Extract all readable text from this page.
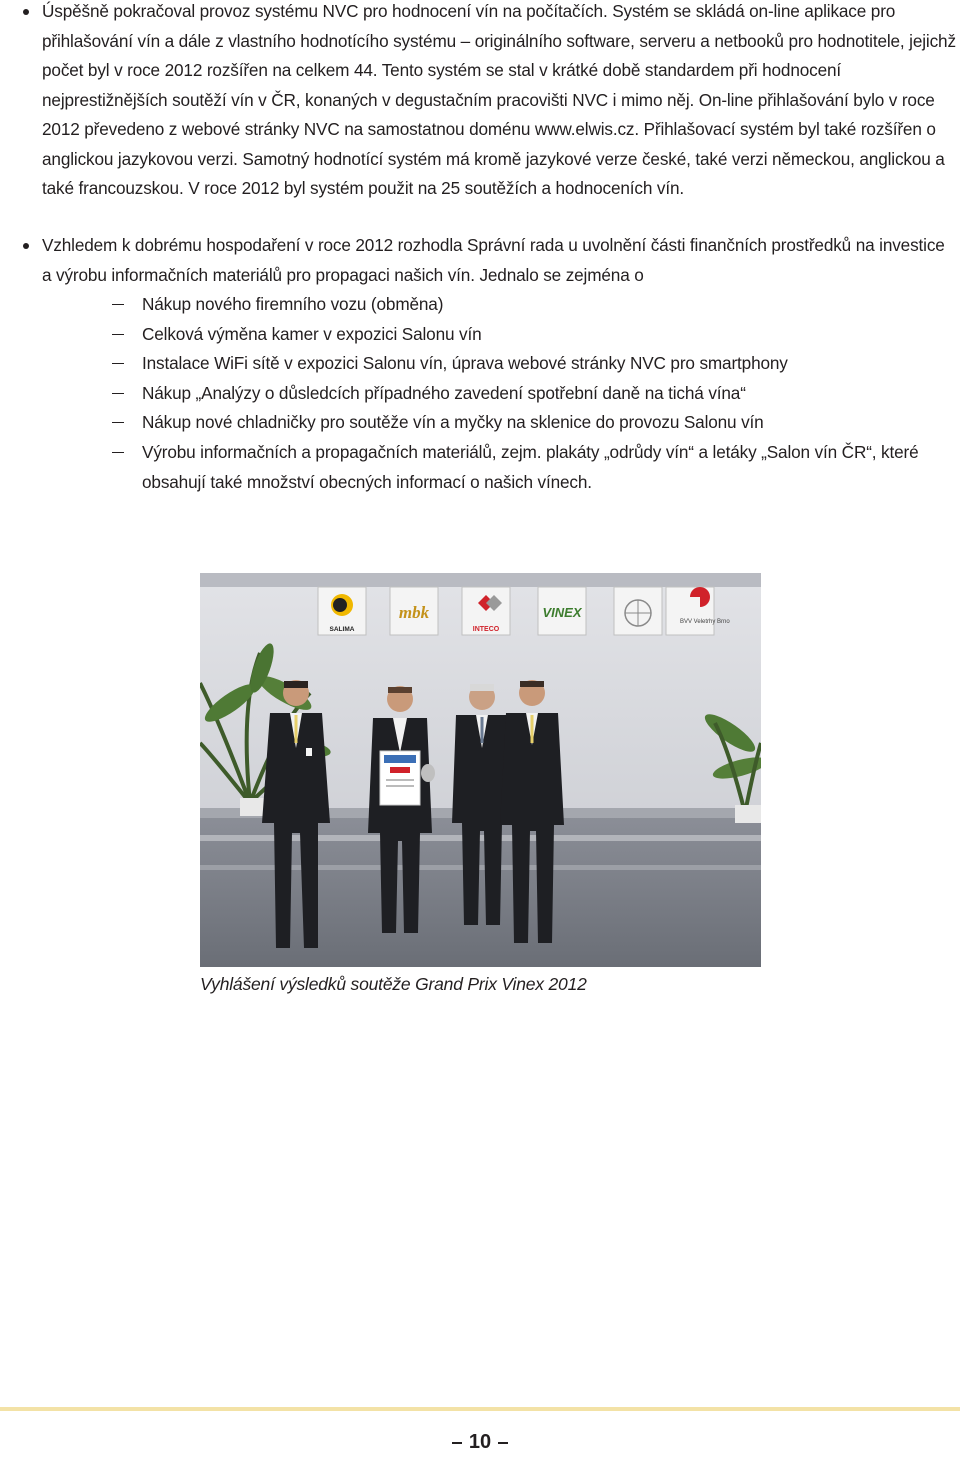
Úspěšně pokračoval provoz systému NVC pro hodnocení vín na počítačích. Systém se skládá on-line aplikace pro přihlašování vín a dále z vlastního hodnotícího systému – originálního software, serveru a netbooků pro hodnotitele, jejichž počet byl v roce 2012 rozšířen na celkem 44. Tento systém se stal v krátké době standardem při hodnocení nejprestižnějších soutěží vín v ČR, konaných v degustačním pracovišti NVC i mimo něj. On-line přihlašování bylo v roce 2012 převedeno z webové stránky NVC na samostatnou doménu www.elwis.cz. Přihlašovací systém byl také rozšířen o anglickou jazykovou verzi. Samotný hodnotící systém má kromě jazykové verze české, také verzi německou, anglickou a také francouzskou. V roce 2012 byl systém použit na 25 soutěžích a hodnoceních vín.
Vzhledem k dobrému hospodaření v roce 2012 rozhodla Správní rada u uvolnění části finančních prostředků na investice a výrobu informačních materiálů pro propagaci našich vín. Jednalo se zejména o
Nákup nového firemního vozu (obměna)
Celková výměna kamer v expozici Salonu vín
Instalace WiFi sítě v expozici Salonu vín, úprava webové stránky NVC pro smartphony
Nákup „Analýzy o důsledcích případného zavedení spotřební daně na tichá vína“
Nákup nové chladničky pro soutěže vín a myčky na sklenice do provozu Salonu vín
Výrobu informačních a propagačních materiálů, zejm. plakáty „odrůdy vín“ a letáky „Salon vín ČR“, které obsahují také množství obecných informací o našich vínech.
SALIMA
mbk
INTECO
VINEX
BVV Veletrhy Brno
Vyhlášení výsledků soutěže Grand Prix Vinex 2012
10
